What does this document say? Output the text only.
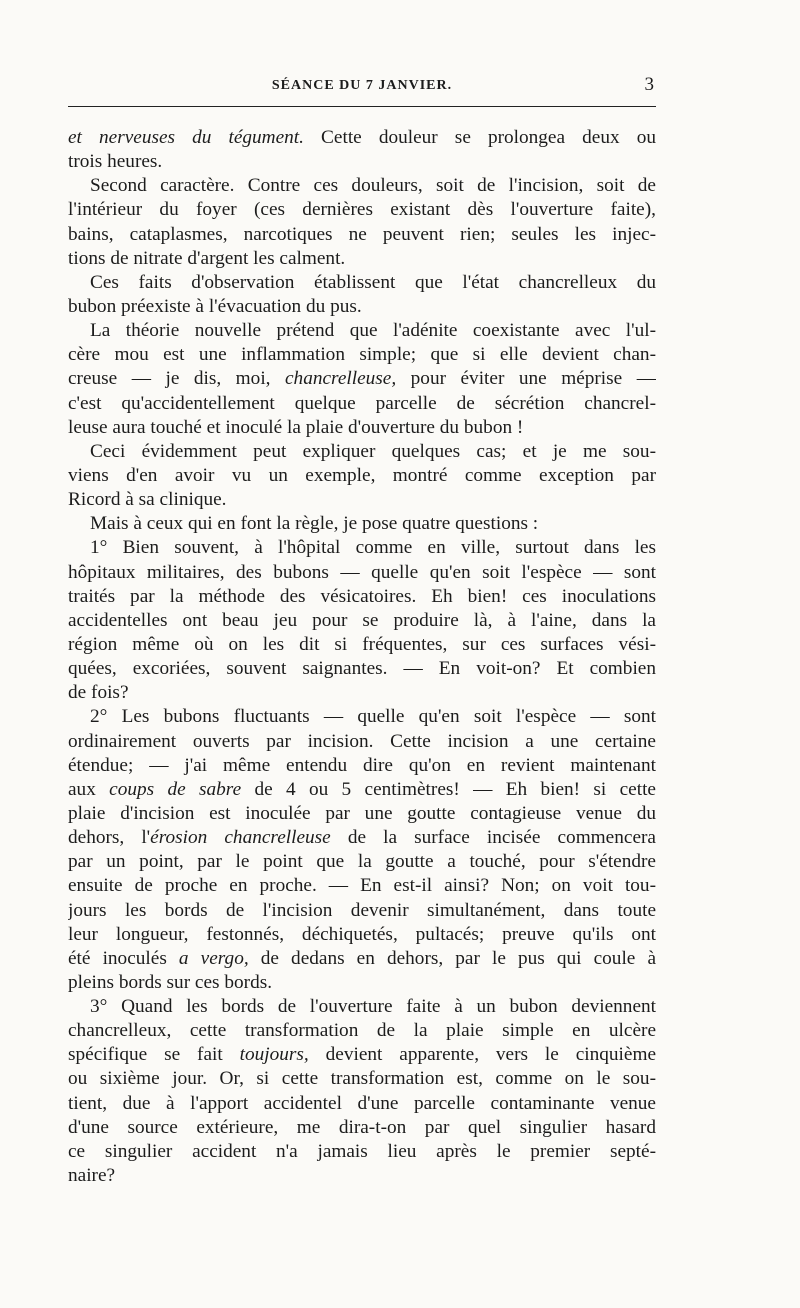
SÉANCE DU 7 JANVIER.	3
et nerveuses du tégument. Cette douleur se prolongea deux ou
trois heures.
Second caractère. Contre ces douleurs, soit de l'incision, soit de
l'intérieur du foyer (ces dernières existant dès l'ouverture faite),
bains, cataplasmes, narcotiques ne peuvent rien; seules les injec-
tions de nitrate d'argent les calment.
Ces faits d'observation établissent que l'état chancrelleux du
bubon préexiste à l'évacuation du pus.
La théorie nouvelle prétend que l'adénite coexistante avec l'ul-
cère mou est une inflammation simple; que si elle devient chan-
creuse — je dis, moi, chancrelleuse, pour éviter une méprise —
c'est qu'accidentellement quelque parcelle de sécrétion chancrel-
leuse aura touché et inoculé la plaie d'ouverture du bubon !
Ceci évidemment peut expliquer quelques cas; et je me sou-
viens d'en avoir vu un exemple, montré comme exception par
Ricord à sa clinique.
Mais à ceux qui en font la règle, je pose quatre questions :
1° Bien souvent, à l'hôpital comme en ville, surtout dans les
hôpitaux militaires, des bubons — quelle qu'en soit l'espèce — sont
traités par la méthode des vésicatoires. Eh bien! ces inoculations
accidentelles ont beau jeu pour se produire là, à l'aine, dans la
région même où on les dit si fréquentes, sur ces surfaces vési-
quées, excoriées, souvent saignantes. — En voit-on? Et combien
de fois?
2° Les bubons fluctuants — quelle qu'en soit l'espèce — sont
ordinairement ouverts par incision. Cette incision a une certaine
étendue; — j'ai même entendu dire qu'on en revient maintenant
aux coups de sabre de 4 ou 5 centimètres! — Eh bien! si cette
plaie d'incision est inoculée par une goutte contagieuse venue du
dehors, l'érosion chancrelleuse de la surface incisée commencera
par un point, par le point que la goutte a touché, pour s'étendre
ensuite de proche en proche. — En est-il ainsi? Non; on voit tou-
jours les bords de l'incision devenir simultanément, dans toute
leur longueur, festonnés, déchiquetés, pultacés; preuve qu'ils ont
été inoculés a vergo, de dedans en dehors, par le pus qui coule à
pleins bords sur ces bords.
3° Quand les bords de l'ouverture faite à un bubon deviennent
chancrelleux, cette transformation de la plaie simple en ulcère
spécifique se fait toujours, devient apparente, vers le cinquième
ou sixième jour. Or, si cette transformation est, comme on le sou-
tient, due à l'apport accidentel d'une parcelle contaminante venue
d'une source extérieure, me dira-t-on par quel singulier hasard
ce singulier accident n'a jamais lieu après le premier septé-
naire?
